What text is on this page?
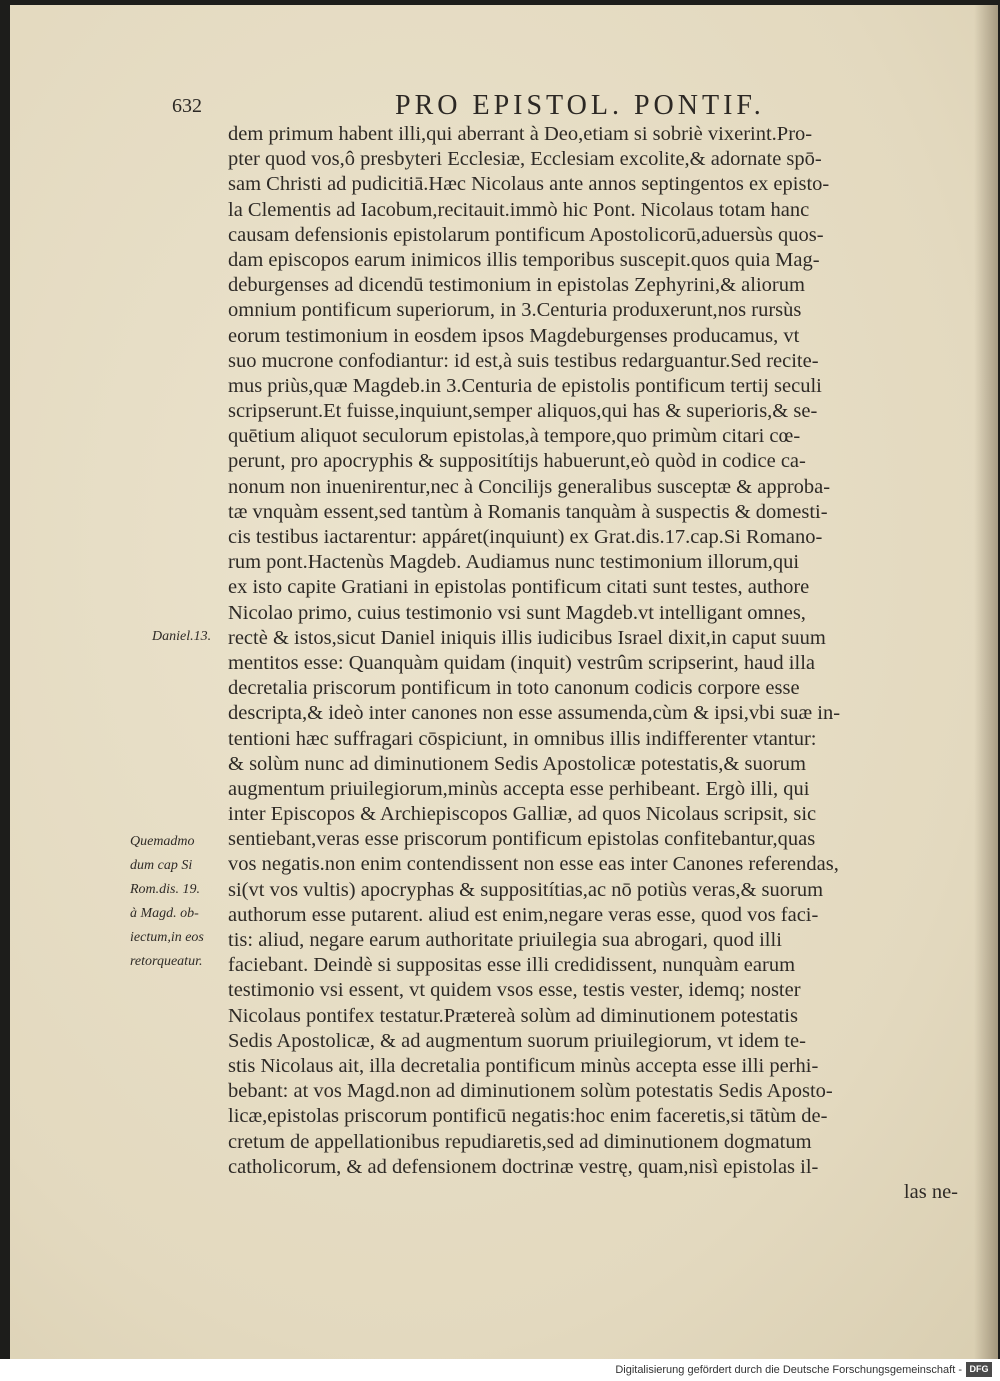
632	PRO EPISTOL. PONTIF.
dem primum habent illi,qui aberrant à Deo,etiam si sobriè vixerint.Pro-
pter quod vos,ô presbyteri Ecclesiæ, Ecclesiam excolite,& adornate spō-
sam Christi ad pudicitiā.Hæc Nicolaus ante annos septingentos ex episto-
la Clementis ad Iacobum,recitauit.immò hic Pont. Nicolaus totam hanc
causam defensionis epistolarum pontificum Apostolicorū,aduersùs quos-
dam episcopos earum inimicos illis temporibus suscepit.quos quia Mag-
deburgenses ad dicendū testimonium in epistolas Zephyrini,& aliorum
omnium pontificum superiorum, in 3.Centuria produxerunt,nos rursùs
eorum testimonium in eosdem ipsos Magdeburgenses producamus, vt
suo mucrone confodiantur: id est,à suis testibus redarguantur.Sed recite-
mus priùs,quæ Magdeb.in 3.Centuria de epistolis pontificum tertij seculi
scripserunt.Et fuisse,inquiunt,semper aliquos,qui has & superioris,& se-
quētium aliquot seculorum epistolas,à tempore,quo primùm citari cœ-
perunt, pro apocryphis & suppositítijs habuerunt,eò quòd in codice ca-
nonum non inuenirentur,nec à Concilijs generalibus susceptæ & approba-
tæ vnquàm essent,sed tantùm à Romanis tanquàm à suspectis & domesti-
cis testibus iactarentur: appáret(inquiunt) ex Grat.dis.17.cap.Si Romano-
rum pont.Hactenùs Magdeb. Audiamus nunc testimonium illorum,qui
ex isto capite Gratiani in epistolas pontificum citati sunt testes, authore
Nicolao primo, cuius testimonio vsi sunt Magdeb.vt intelligant omnes,
rectè & istos,sicut Daniel iniquis illis iudicibus Israel dixit,in caput suum
mentitos esse: Quanquàm quidam (inquit) vestrûm scripserint, haud illa
decretalia priscorum pontificum in toto canonum codicis corpore esse
descripta,& ideò inter canones non esse assumenda,cùm & ipsi,vbi suæ in-
tentioni hæc suffragari cōspiciunt, in omnibus illis indifferenter vtantur:
& solùm nunc ad diminutionem Sedis Apostolicæ potestatis,& suorum
augmentum priuilegiorum,minùs accepta esse perhibeant. Ergò illi, qui
inter Episcopos & Archiepiscopos Galliæ, ad quos Nicolaus scripsit, sic
sentiebant,veras esse priscorum pontificum epistolas confitebantur,quas
vos negatis.non enim contendissent non esse eas inter Canones referendas,
si(vt vos vultis) apocryphas & suppositítias,ac nō potiùs veras,& suorum
authorum esse putarent. aliud est enim,negare veras esse, quod vos faci-
tis: aliud, negare earum authoritate priuilegia sua abrogari, quod illi
faciebant. Deindè si suppositas esse illi credidissent, nunquàm earum
testimonio vsi essent, vt quidem vsos esse, testis vester, idemq; noster
Nicolaus pontifex testatur.Prætereà solùm ad diminutionem potestatis
Sedis Apostolicæ, & ad augmentum suorum priuilegiorum, vt idem te-
stis Nicolaus ait, illa decretalia pontificum minùs accepta esse illi perhi-
bebant: at vos Magd.non ad diminutionem solùm potestatis Sedis Aposto-
licæ,epistolas priscorum pontificū negatis:hoc enim faceretis,si tātùm de-
cretum de appellationibus repudiaretis,sed ad diminutionem dogmatum
catholicorum, & ad defensionem doctrinæ vestrę, quam,nisì epistolas il-
las ne-
Daniel.13.
Quemadmo
dum cap Si
Rom.dis. 19.
à Magd. ob-
iectum,in eos
retorqueatur.
Digitalisierung gefördert durch die Deutsche Forschungsgemeinschaft - DFG
